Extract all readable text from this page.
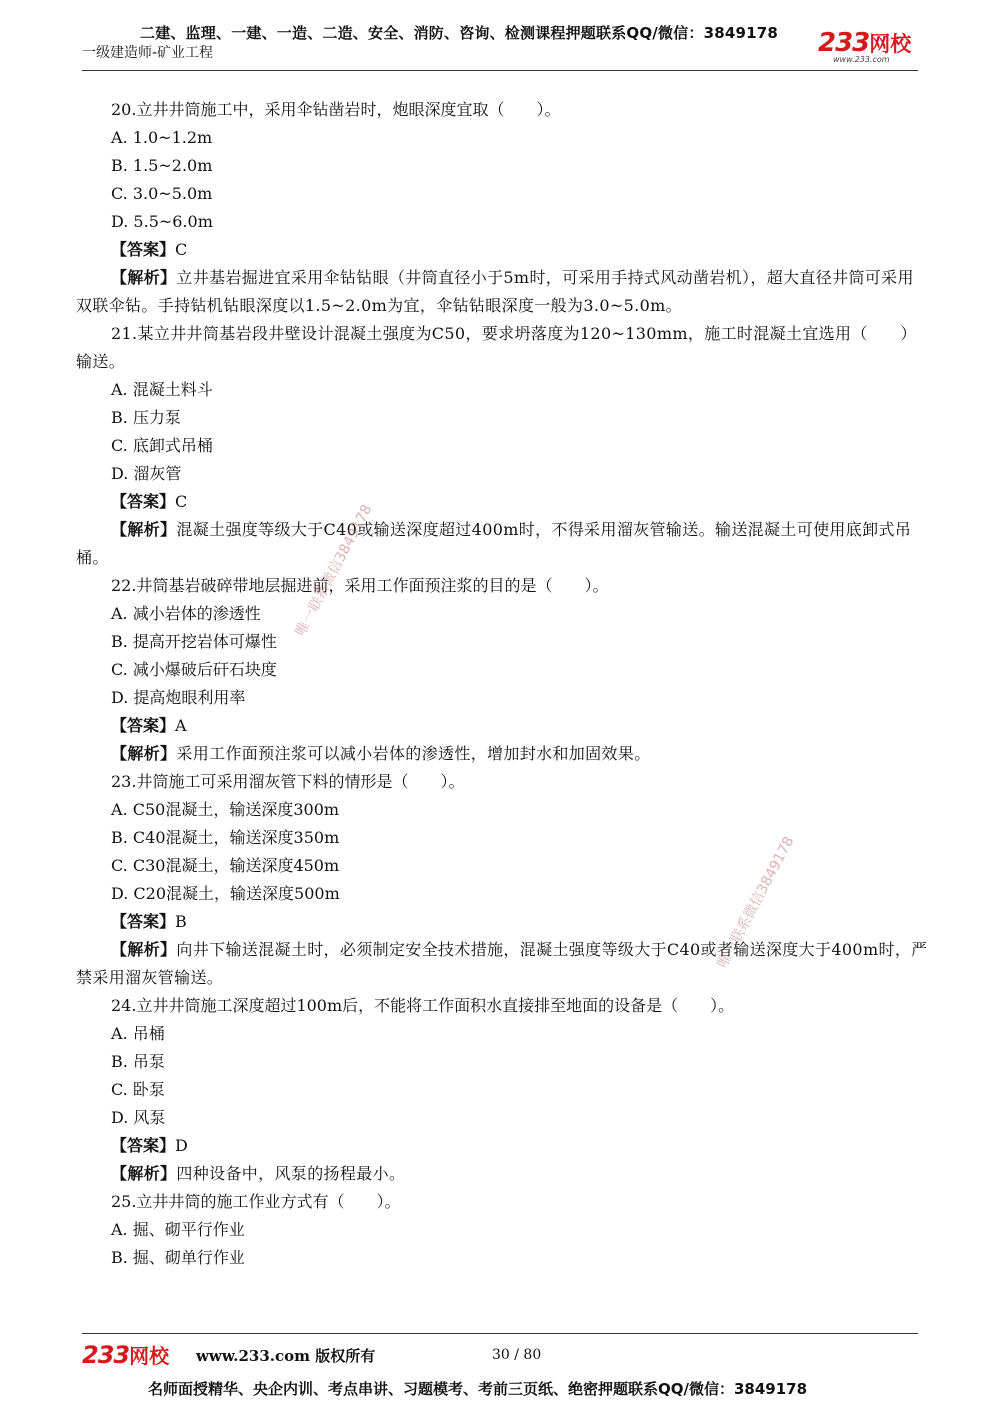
二建、监理、一建、一造、二造、安全、消防、咨询、检测课程押题联系QQ/微信：3849178
一级建造师-矿业工程	233 网校
www.233.com
20.立井井筒施工中，采用伞钻凿岩时，炮眼深度宜取（　　）。
A. 1.0~1.2m
B. 1.5~2.0m
C. 3.0~5.0m
D. 5.5~6.0m
【答案】C
【解析】立井基岩掘进宜采用伞钻钻眼（井筒直径小于5m时，可采用手持式风动凿岩机），超大直径井筒可采用双联伞钻。手持钻机钻眼深度以1.5~2.0m为宜，伞钻钻眼深度一般为3.0~5.0m。
21.某立井井筒基岩段井壁设计混凝土强度为C50，要求坍落度为120~130mm，施工时混凝土宜选用（　　）输送。
A. 混凝土料斗
B. 压力泵
C. 底卸式吊桶
D. 溜灰管
【答案】C
【解析】混凝土强度等级大于C40或输送深度超过400m时，不得采用溜灰管输送。输送混凝土可使用底卸式吊桶。
22.井筒基岩破碎带地层掘进前，采用工作面预注浆的目的是（　　）。
A. 减小岩体的渗透性
B. 提高开挖岩体可爆性
C. 减小爆破后矸石块度
D. 提高炮眼利用率
【答案】A
【解析】采用工作面预注浆可以减小岩体的渗透性，增加封水和加固效果。
23.井筒施工可采用溜灰管下料的情形是（　　）。
A. C50混凝土，输送深度300m
B. C40混凝土，输送深度350m
C. C30混凝土，输送深度450m
D. C20混凝土，输送深度500m
【答案】B
【解析】向井下输送混凝土时，必须制定安全技术措施，混凝土强度等级大于C40或者输送深度大于400m时，严禁采用溜灰管输送。
24.立井井筒施工深度超过100m后，不能将工作面积水直接排至地面的设备是（　　）。
A. 吊桶
B. 吊泵
C. 卧泵
D. 风泵
【答案】D
【解析】四种设备中，风泵的扬程最小。
25.立井井筒的施工作业方式有（　　）。
A. 掘、砌平行作业
B. 掘、砌单行作业
唯一联系微信3849178
唯一联系微信3849178
233 网校 www.233.com 版权所有	30 / 80
名师面授精华、央企内训、考点串讲、习题模考、考前三页纸、绝密押题联系QQ/微信：3849178
